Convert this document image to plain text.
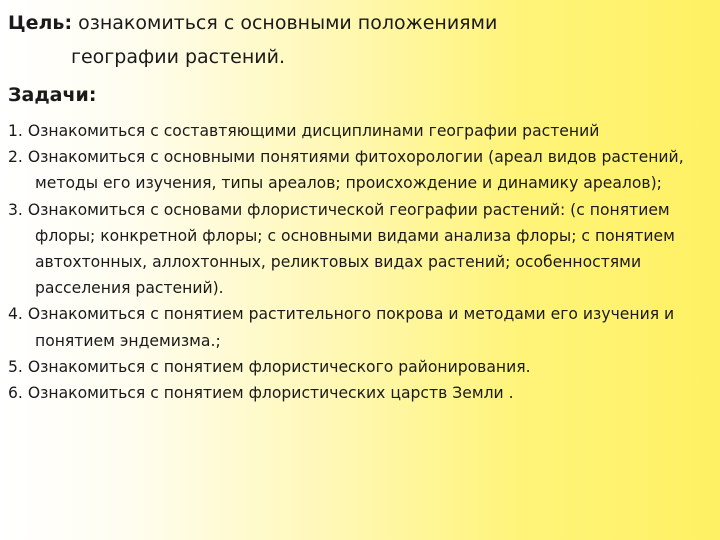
Цель: ознакомиться с основными положениями
географии растений.
Задачи:
1. Ознакомиться с составтяющими дисциплинами географии растений
2. Ознакомиться с основными понятиями фитохорологии (ареал видов растений, методы его изучения, типы ареалов; происхождение и динамику ареалов);
3. Ознакомиться с основами флористической географии растений: (с понятием флоры; конкретной флоры; с основными видами анализа флоры; с понятием автохтонных, аллохтонных, реликтовых видах растений; особенностями расселения растений).
4. Ознакомиться с понятием растительного покрова и методами его изучения и понятием эндемизма.;
5. Ознакомиться с понятием флористического районирования.
6. Ознакомиться с понятием флористических царств Земли .
